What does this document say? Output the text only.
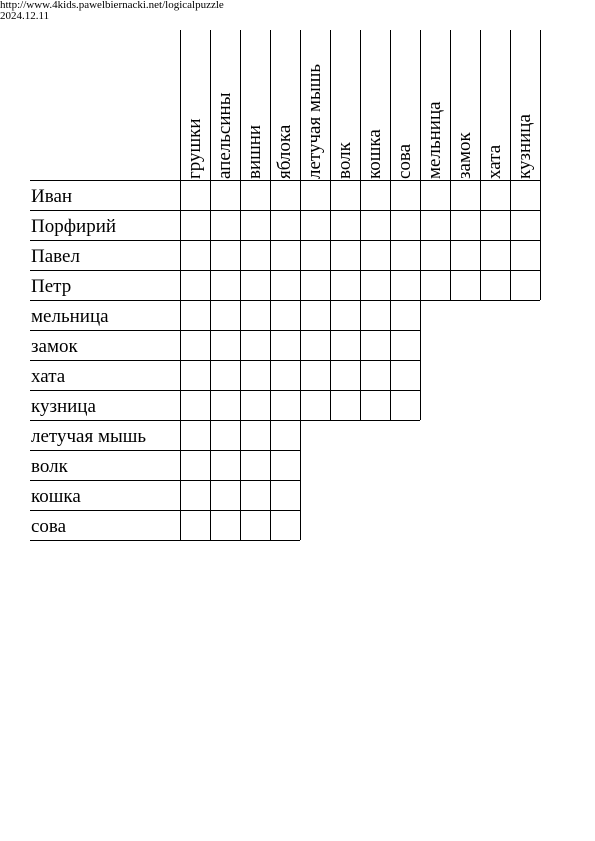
http://www.4kids.pawelbiernacki.net/logicalpuzzle
2024.12.11
грушки апельсины вишни яблока летучая мышь волк кошка сова мельница замок хата кузница
Иван
Порфирий
Павел
Петр
мельница
замок
хата
кузница
летучая мышь
волк
кошка
сова
